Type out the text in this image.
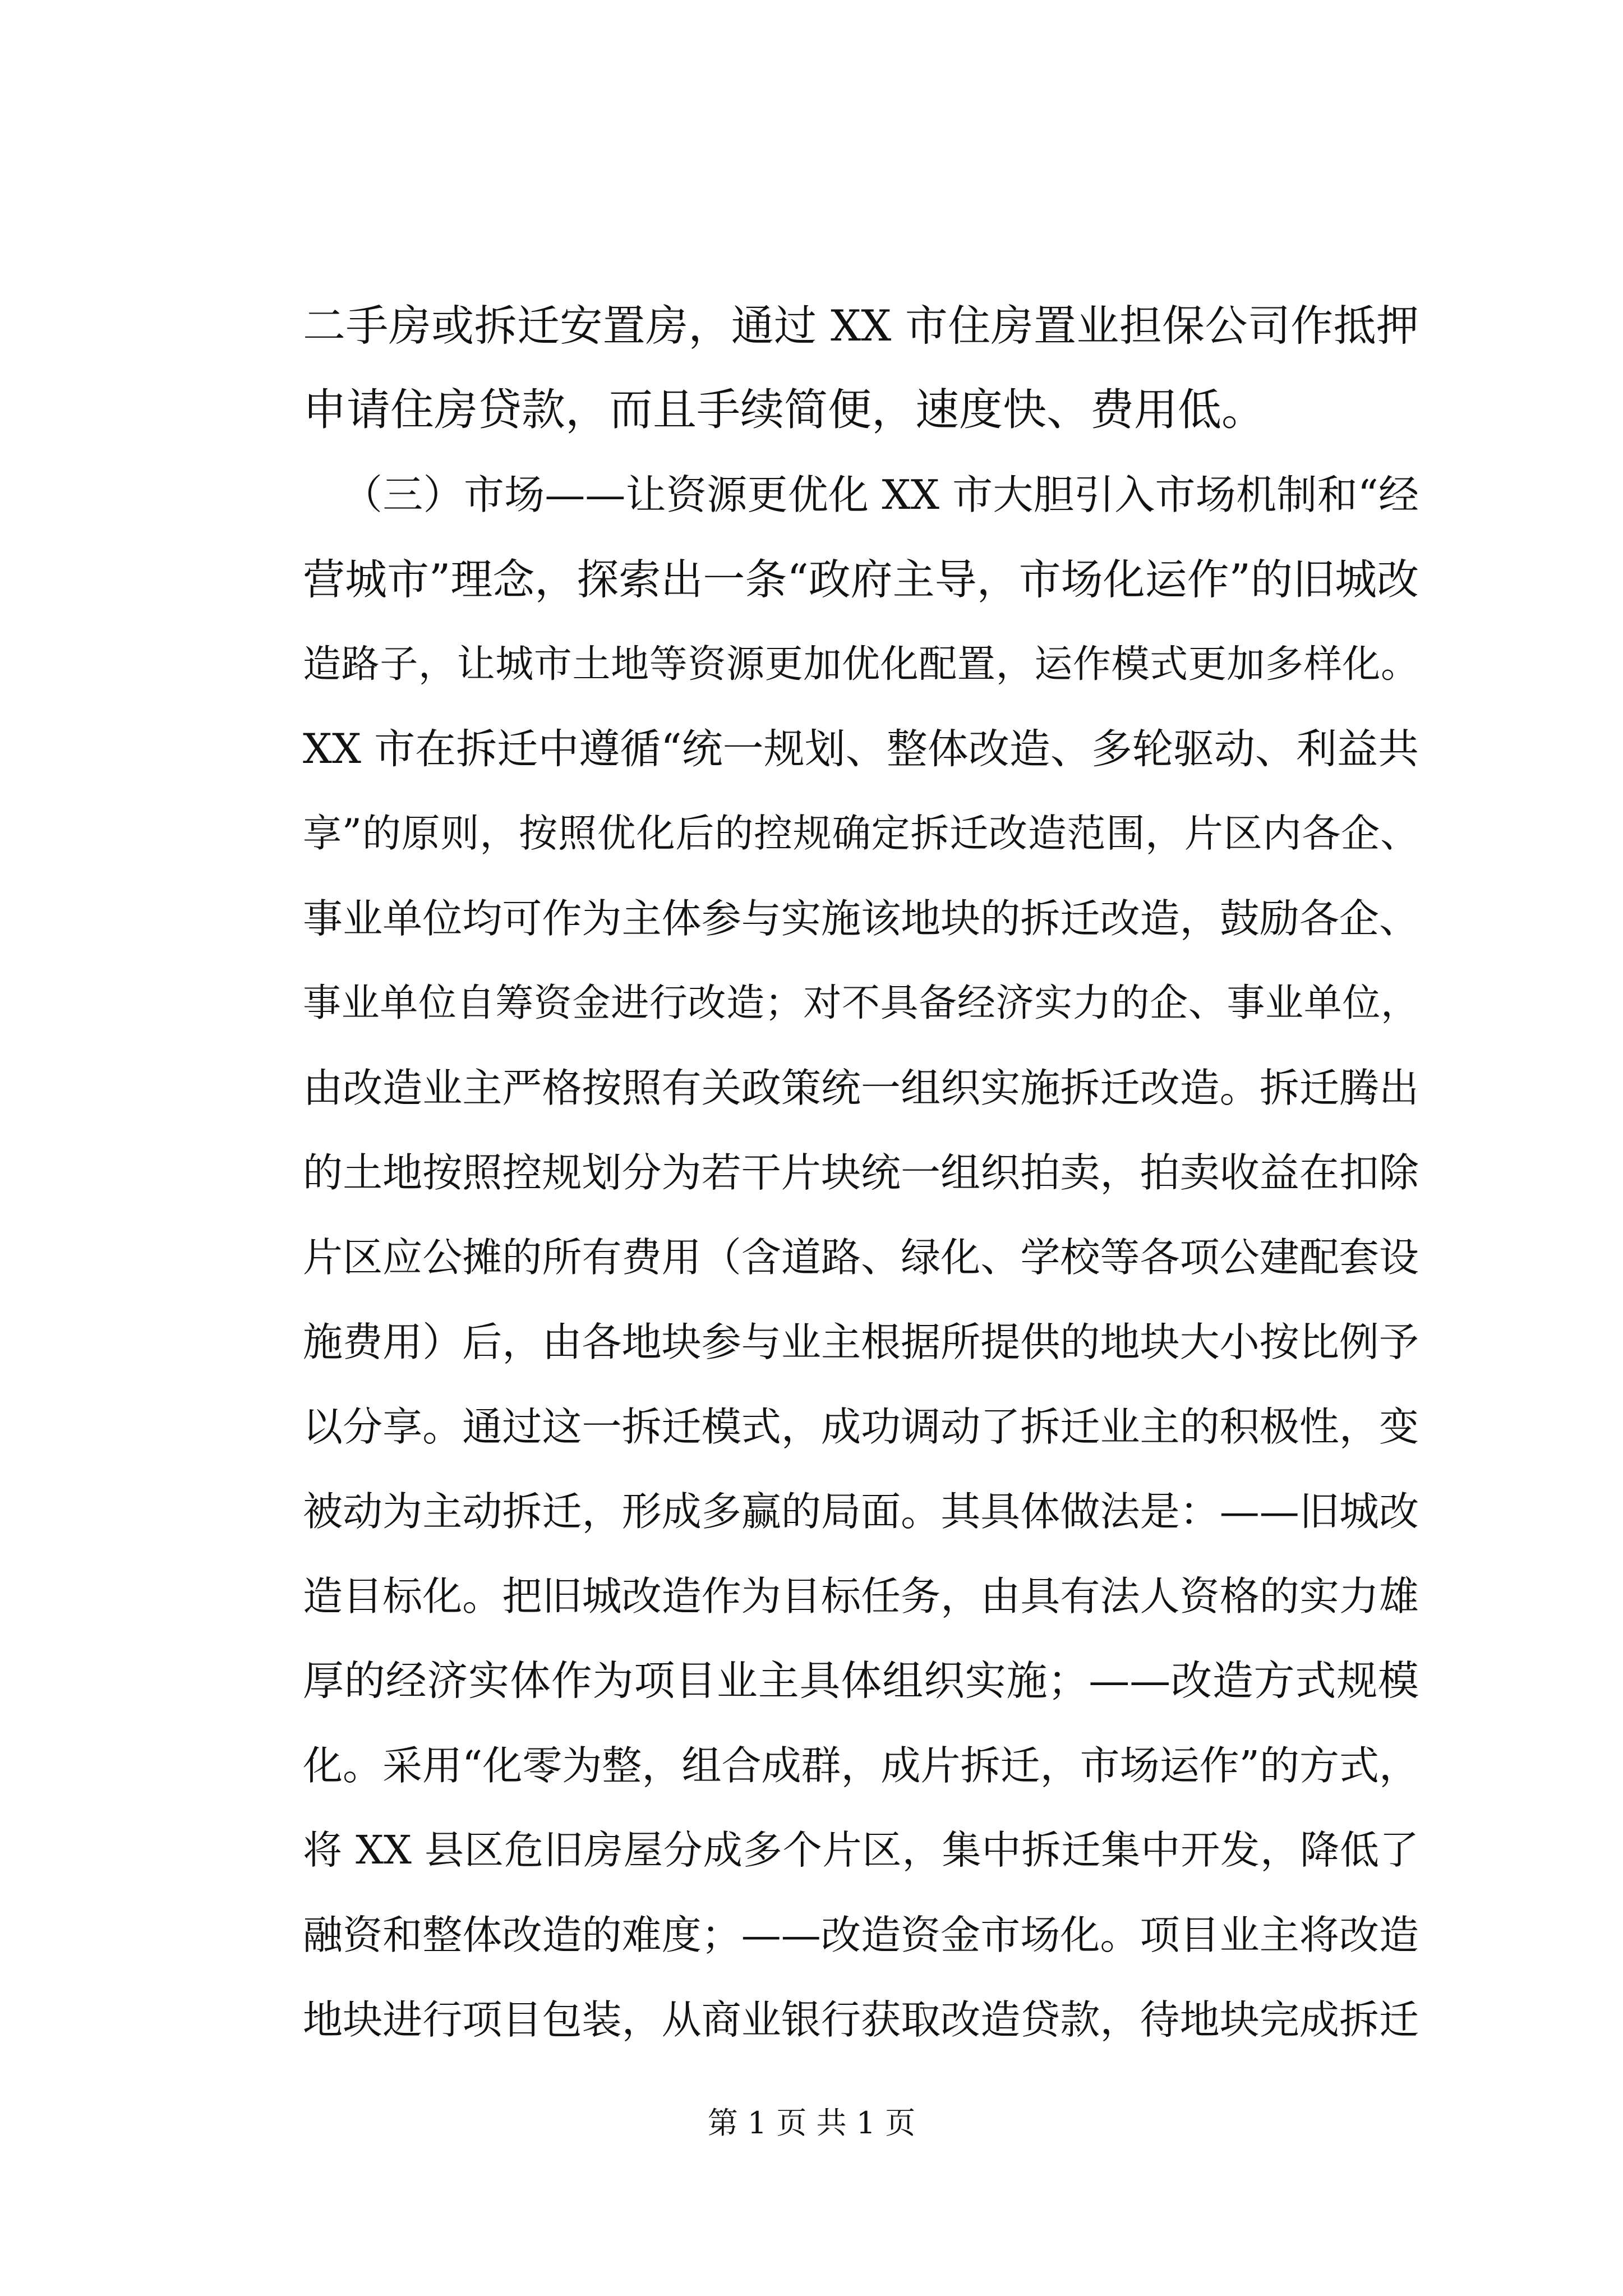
二手房或拆迁安置房，通过 XX 市住房置业担保公司作抵押
申请住房贷款，而且手续简便，速度快、费用低。
（三）市场——让资源更优化 XX 市大胆引入市场机制和“经
营城市”理念，探索出一条“政府主导，市场化运作”的旧城改
造路子，让城市土地等资源更加优化配置，运作模式更加多样化。
XX 市在拆迁中遵循“统一规划、整体改造、多轮驱动、利益共
享”的原则，按照优化后的控规确定拆迁改造范围，片区内各企、
事业单位均可作为主体参与实施该地块的拆迁改造，鼓励各企、
事业单位自筹资金进行改造；对不具备经济实力的企、事业单位，
由改造业主严格按照有关政策统一组织实施拆迁改造。拆迁腾出
的土地按照控规划分为若干片块统一组织拍卖，拍卖收益在扣除
片区应公摊的所有费用（含道路、绿化、学校等各项公建配套设
施费用）后，由各地块参与业主根据所提供的地块大小按比例予
以分享。通过这一拆迁模式，成功调动了拆迁业主的积极性，变
被动为主动拆迁，形成多赢的局面。其具体做法是：——旧城改
造目标化。把旧城改造作为目标任务，由具有法人资格的实力雄
厚的经济实体作为项目业主具体组织实施；——改造方式规模
化。采用“化零为整，组合成群，成片拆迁，市场运作”的方式，
将 XX 县区危旧房屋分成多个片区，集中拆迁集中开发，降低了
融资和整体改造的难度；——改造资金市场化。项目业主将改造
地块进行项目包装，从商业银行获取改造贷款，待地块完成拆迁
第 1 页 共 1 页
